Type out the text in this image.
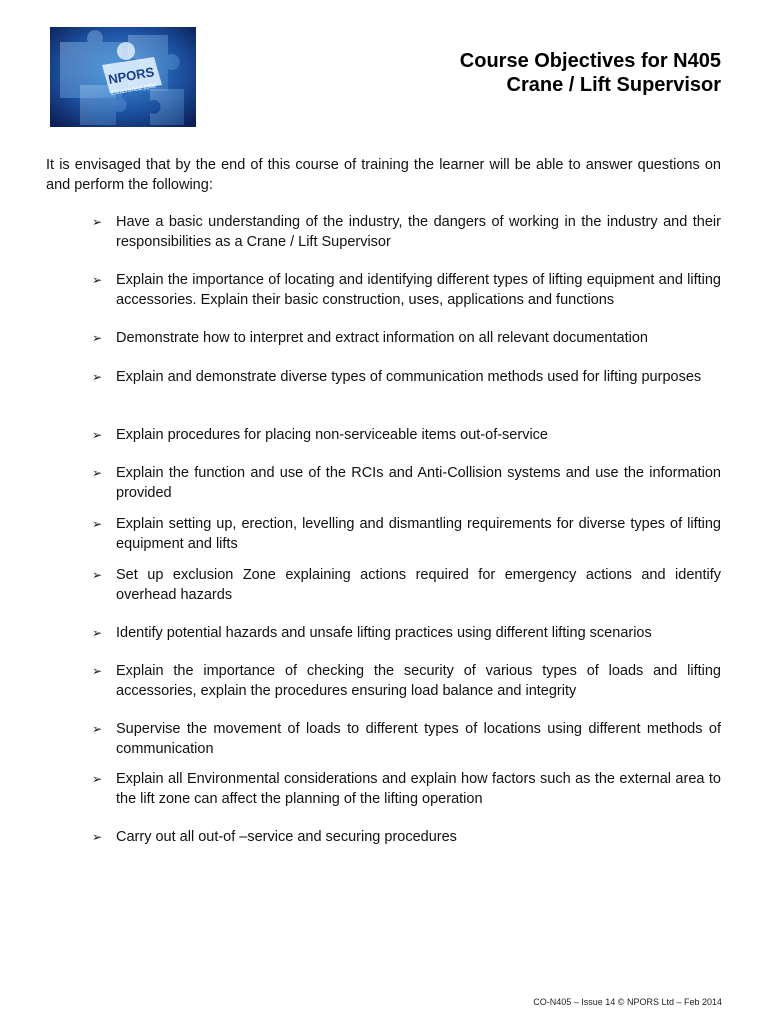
NPORS
Established 1992
Course Objectives for N405
Crane / Lift Supervisor
It is envisaged that by the end of this course of training the learner will be able to answer questions on and perform the following:
➢ Have a basic understanding of the industry, the dangers of working in the industry and their responsibilities as a Crane / Lift Supervisor
➢ Explain the importance of locating and identifying different types of lifting equipment and lifting accessories. Explain their basic construction, uses, applications and functions
➢ Demonstrate how to interpret and extract information on all relevant documentation
➢ Explain and demonstrate diverse types of communication methods used for lifting purposes
➢ Explain procedures for placing non-serviceable items out-of-service
➢ Explain the function and use of the RCIs and Anti-Collision systems and use the information provided
➢ Explain setting up, erection, levelling and dismantling requirements for diverse types of lifting equipment and lifts
➢ Set up exclusion Zone explaining actions required for emergency actions and identify overhead hazards
➢ Identify potential hazards and unsafe lifting practices using different lifting scenarios
➢ Explain the importance of checking the security of various types of loads and lifting accessories, explain the procedures ensuring load balance and integrity
➢ Supervise the movement of loads to different types of locations using different methods of communication
➢ Explain all Environmental considerations and explain how factors such as the external area to the lift zone can affect the planning of the lifting operation
➢ Carry out all out-of –service and securing procedures
CO-N405 – Issue 14 © NPORS Ltd – Feb 2014
